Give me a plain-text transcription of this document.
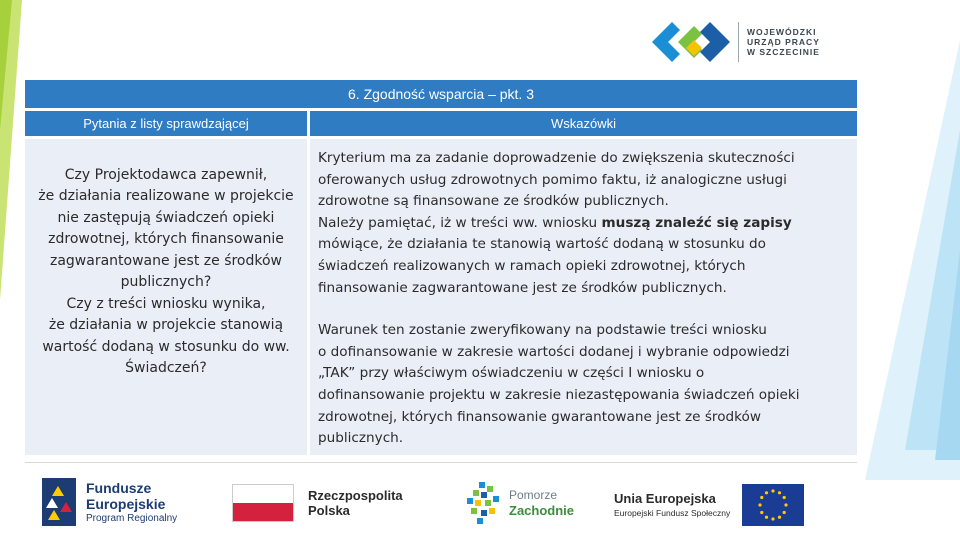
WOJEWÓDZKI
URZĄD PRACY
W SZCZECINIE
6. Zgodność wsparcia – pkt. 3
Pytania z listy sprawdzającej	Wskazówki

Czy Projektodawca zapewnił,

że działania realizowane w projekcie

nie zastępują świadczeń opieki

zdrowotnej, których finansowanie

zagwarantowane jest ze środków

publicznych?

Czy z treści wniosku wynika,

że działania w projekcie stanowią

wartość dodaną w stosunku do ww.

Świadczeń?

Kryterium ma za zadanie doprowadzenie do zwiększenia skuteczności

oferowanych usług zdrowotnych pomimo faktu, iż analogiczne usługi

zdrowotne są finansowane ze środków publicznych.

Należy pamiętać, iż w treści ww. wniosku muszą znaleźć się zapisy

mówiące, że działania te stanowią wartość dodaną w stosunku do

świadczeń realizowanych w ramach opieki zdrowotnej, których

finansowanie zagwarantowane jest ze środków publicznych.

Warunek ten zostanie zweryfikowany na podstawie treści wniosku

o dofinansowanie w zakresie wartości dodanej i wybranie odpowiedzi

„TAK” przy właściwym oświadczeniu w części I wniosku o

dofinansowanie projektu w zakresie niezastępowania świadczeń opieki

zdrowotnej, których finansowanie gwarantowane jest ze środków

publicznych.

Fundusze
Europejskie
Program Regionalny
Rzeczpospolita
Polska
Pomorze
Zachodnie
Unia Europejska
Europejski Fundusz Społeczny
